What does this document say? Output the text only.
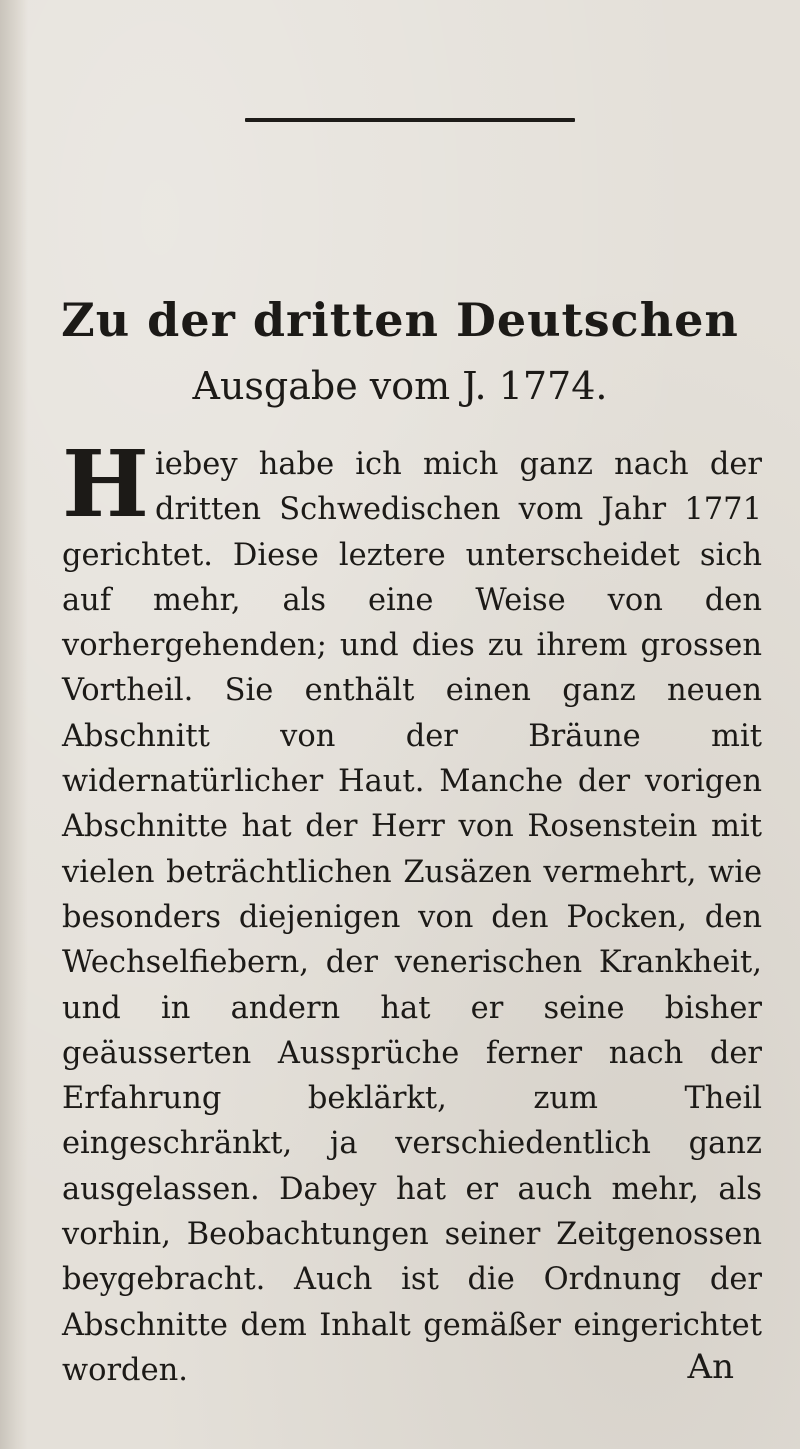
Zu der dritten Deutschen
Ausgabe vom J. 1774.

Hiebey habe ich mich ganz nach der dritten Schwedischen vom Jahr 1771 gerichtet. Diese leztere unterscheidet sich auf mehr, als eine Weise von den vorhergehenden; und dies zu ihrem grossen Vortheil. Sie enthält einen ganz neuen Abschnitt von der Bräune mit widernatürlicher Haut. Manche der vorigen Abschnitte hat der Herr von Rosenstein mit vielen beträchtlichen Zusäzen vermehrt, wie besonders diejenigen von den Pocken, den Wechselfiebern, der venerischen Krankheit, und in andern hat er seine bisher geäusserten Aussprüche ferner nach der Erfahrung beklärkt, zum Theil eingeschränkt, ja verschiedentlich ganz ausgelassen. Dabey hat er auch mehr, als vorhin, Beobachtungen seiner Zeitgenossen beygebracht. Auch ist die Ordnung der Abschnitte dem Inhalt gemäßer eingerichtet worden.	An
